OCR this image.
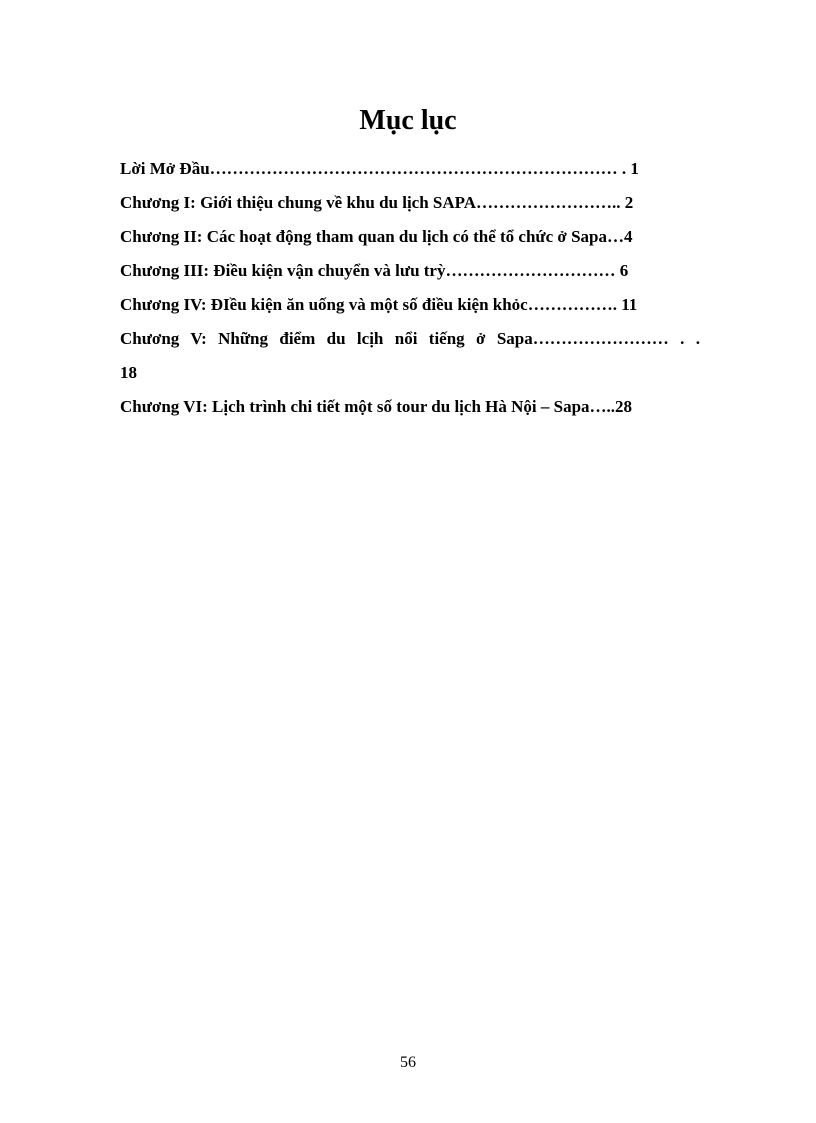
Mục lục
Lời Mở Đầu……………………………………………………………… . 1
Chương I: Giới thiệu chung về khu du lịch SAPA…………………….. 2
Chương II: Các hoạt động tham quan du lịch có thể tổ chức ở Sapa…4
Chương III: Điều kiện vận chuyển và lưu trỳ………………………… 6
Chương IV: ĐIều kiện ăn uống và một số điều kiện khỏc……………. 11
Chương V: Những điểm du lcịh nổi tiếng ở Sapa…………………… . .
18
Chương VI: Lịch trình chi tiết một số tour du lịch Hà Nội – Sapa…..28
56
